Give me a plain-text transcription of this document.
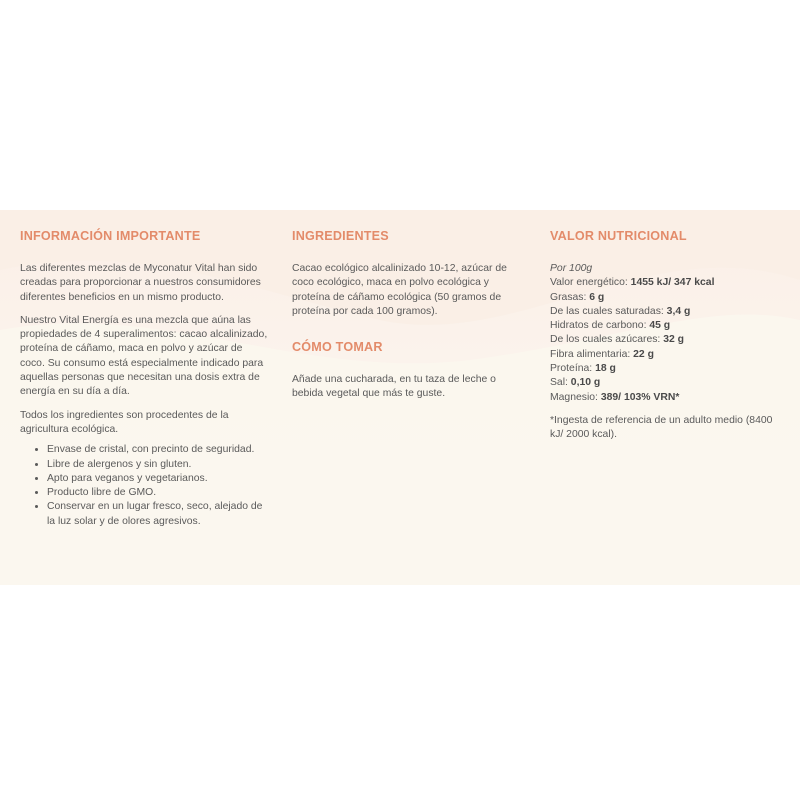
INFORMACIÓN IMPORTANTE

Las diferentes mezclas de Myconatur Vital han sido creadas para proporcionar a nuestros consumidores diferentes beneficios en un mismo producto.

Nuestro Vital Energía es una mezcla que aúna las propiedades de 4 superalimentos: cacao alcalinizado, proteína de cáñamo, maca en polvo y azúcar de coco. Su consumo está especialmente indicado para aquellas personas que necesitan una dosis extra de energía en su día a día.

Todos los ingredientes son procedentes de la agricultura ecológica.

• Envase de cristal, con precinto de seguridad.
• Libre de alergenos y sin gluten.
• Apto para veganos y vegetarianos.
• Producto libre de GMO.
• Conservar en un lugar fresco, seco, alejado de la luz solar y de olores agresivos.
INGREDIENTES

Cacao ecológico alcalinizado 10-12, azúcar de coco ecológico, maca en polvo ecológica y proteína de cáñamo ecológica (50 gramos de proteína por cada 100 gramos).

CÓMO TOMAR

Añade una cucharada, en tu taza de leche o bebida vegetal que más te guste.

VALOR NUTRICIONAL
Por 100g
Valor energético: 1455 kJ/ 347 kcal
Grasas: 6 g
De las cuales saturadas: 3,4 g
Hidratos de carbono: 45 g
De los cuales azúcares: 32 g
Fibra alimentaria: 22 g
Proteína: 18 g
Sal: 0,10 g
Magnesio: 389/ 103% VRN*

*Ingesta de referencia de un adulto medio (8400 kJ/ 2000 kcal).
